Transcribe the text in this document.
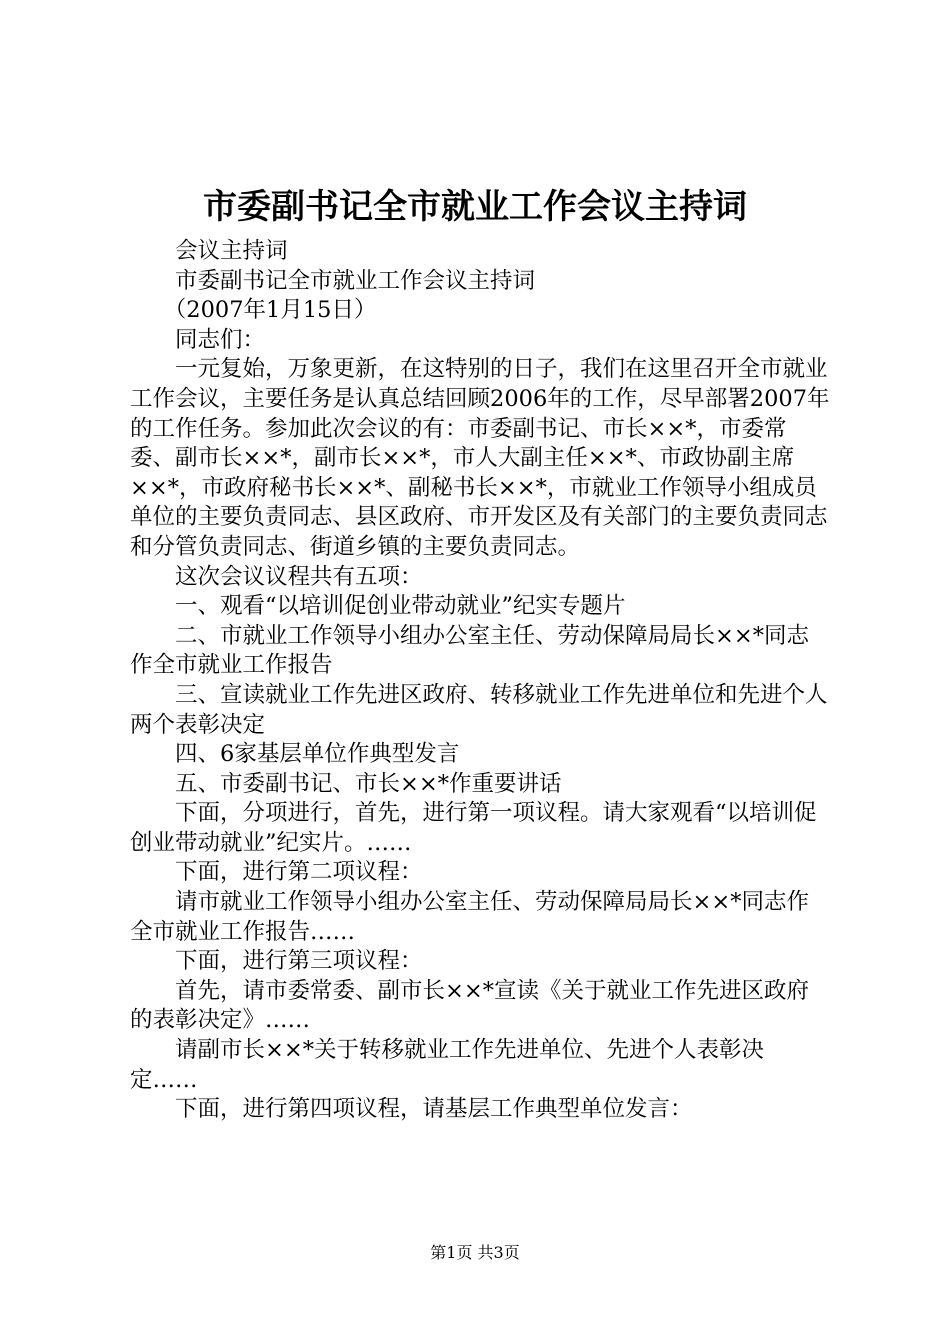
市委副书记全市就业工作会议主持词

会议主持词

市委副书记全市就业工作会议主持词

（2007年1月15日）

同志们：

一元复始，万象更新，在这特别的日子，我们在这里召开全市就业工作会议，主要任务是认真总结回顾2006年的工作，尽早部署2007年的工作任务。参加此次会议的有：市委副书记、市长××*，市委常委、副市长××*，副市长××*，市人大副主任××*、市政协副主席××*，市政府秘书长××*、副秘书长××*，市就业工作领导小组成员单位的主要负责同志、县区政府、市开发区及有关部门的主要负责同志和分管负责同志、街道乡镇的主要负责同志。

这次会议议程共有五项：

一、观看“以培训促创业带动就业”纪实专题片

二、市就业工作领导小组办公室主任、劳动保障局局长××*同志作全市就业工作报告

三、宣读就业工作先进区政府、转移就业工作先进单位和先进个人两个表彰决定

四、6家基层单位作典型发言

五、市委副书记、市长××*作重要讲话

下面，分项进行，首先，进行第一项议程。请大家观看“以培训促创业带动就业”纪实片。……

下面，进行第二项议程：

请市就业工作领导小组办公室主任、劳动保障局局长××*同志作全市就业工作报告……

下面，进行第三项议程：

首先，请市委常委、副市长××*宣读《关于就业工作先进区政府的表彰决定》……

请副市长××*关于转移就业工作先进单位、先进个人表彰决定……

下面，进行第四项议程，请基层工作典型单位发言：

第1页 共3页
